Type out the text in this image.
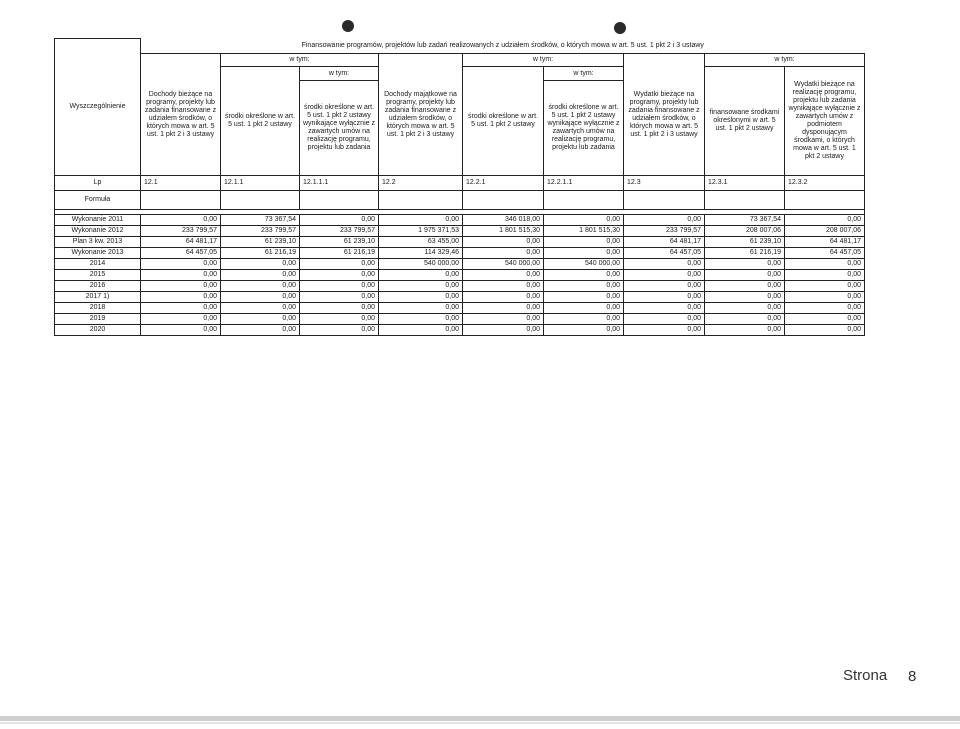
Wyszczególnienie	Finansowanie programów, projektów lub zadań realizowanych z udziałem środków, o których mowa w art. 5 ust. 1 pkt 2 i 3 ustawy								
	Dochody bieżące na programy, projekty lub zadania finansowane z udziałem środków, o których mowa w art. 5 ust. 1 pkt 2 i 3 ustawy	w tym:		Dochody majątkowe na programy, projekty lub zadania finansowane z udziałem środków, o których mowa w art. 5 ust. 1 pkt 2 i 3 ustawy	w tym:		Wydatki bieżące na programy, projekty lub zadania finansowane z udziałem środków, o których mowa w art. 5 ust. 1 pkt 2 i 3 ustawy	w tym:	
		środki określone w art. 5 ust. 1 pkt 2 ustawy	w tym:		środki określone w art. 5 ust. 1 pkt 2 ustawy	w tym:		finansowane środkami określonymi w art. 5 ust. 1 pkt 2 ustawy	Wydatki bieżące na realizację programu, projektu lub zadania wynikające wyłącznie z zawartych umów z podmiotem dysponującym środkami, o których mowa w art. 5 ust. 1 pkt 2 ustawy
			środki określone w art. 5 ust. 1 pkt 2 ustawy wynikające wyłącznie z zawartych umów na realizację programu, projektu lub zadania			środki określone w art. 5 ust. 1 pkt 2 ustawy wynikające wyłącznie z zawartych umów na realizację programu, projektu lub zadania			
Lp	12.1	12.1.1	12.1.1.1	12.2	12.2.1	12.2.1.1	12.3	12.3.1	12.3.2
Formuła									

Wykonanie 2011	0,00	73 367,54	0,00	0,00	346 018,00	0,00	0,00	73 367,54	0,00
Wykonanie 2012	233 799,57	233 799,57	233 799,57	1 975 371,53	1 801 515,30	1 801 515,30	233 799,57	208 007,06	208 007,06
Plan 3 kw. 2013	64 481,17	61 239,10	61 239,10	63 455,00	0,00	0,00	64 481,17	61 239,10	64 481,17
Wykonanie 2013	64 457,05	61 216,19	61 216,19	114 329,46	0,00	0,00	64 457,05	61 216,19	64 457,05
2014	0,00	0,00	0,00	540 000,00	540 000,00	540 000,00	0,00	0,00	0,00
2015	0,00	0,00	0,00	0,00	0,00	0,00	0,00	0,00	0,00
2016	0,00	0,00	0,00	0,00	0,00	0,00	0,00	0,00	0,00
2017 1)	0,00	0,00	0,00	0,00	0,00	0,00	0,00	0,00	0,00
2018	0,00	0,00	0,00	0,00	0,00	0,00	0,00	0,00	0,00
2019	0,00	0,00	0,00	0,00	0,00	0,00	0,00	0,00	0,00
2020	0,00	0,00	0,00	0,00	0,00	0,00	0,00	0,00	0,00
Strona 8
